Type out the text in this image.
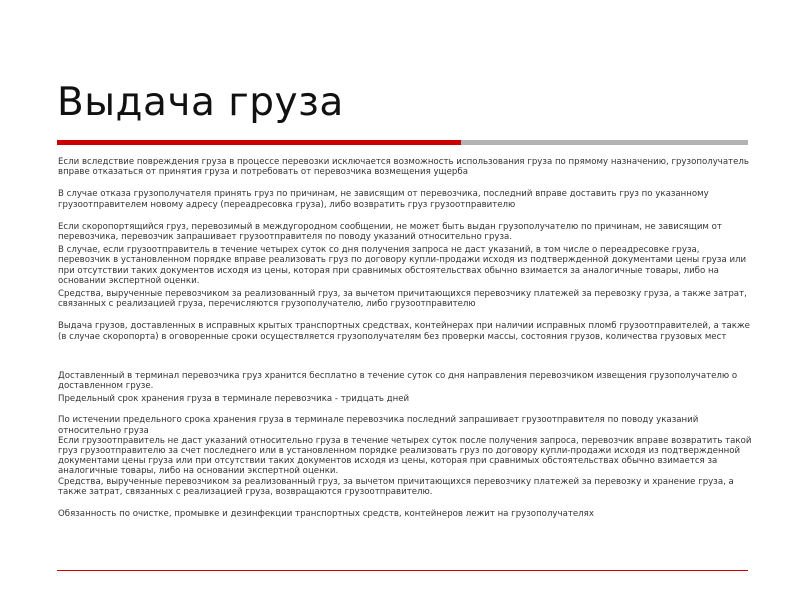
Выдача груза

Если вследствие повреждения груза в процессе перевозки исключается возможность использования груза по прямому назначению, грузополучатель вправе отказаться от принятия груза и потребовать от перевозчика возмещения ущерба

В случае отказа грузополучателя принять груз по причинам, не зависящим от перевозчика, последний вправе доставить груз по указанному грузоотправителем новому адресу (переадресовка груза), либо возвратить груз грузоотправителю

Если скоропортящийся груз, перевозимый в междугородном сообщении, не может быть выдан грузополучателю по причинам, не зависящим от перевозчика, перевозчик запрашивает грузоотправителя по поводу указаний относительно груза.

В случае, если грузоотправитель в течение четырех суток со дня получения запроса не даст указаний, в том числе о переадресовке груза, перевозчик в установленном порядке вправе реализовать груз по договору купли-продажи исходя из подтвержденной документами цены груза или при отсутствии таких документов исходя из цены, которая при сравнимых обстоятельствах обычно взимается за аналогичные товары, либо на основании экспертной оценки.

Средства, вырученные перевозчиком за реализованный груз, за вычетом причитающихся перевозчику платежей за перевозку груза, а также затрат, связанных с реализацией груза, перечисляются грузополучателю, либо грузоотправителю

Выдача грузов, доставленных в исправных крытых транспортных средствах, контейнерах при наличии исправных пломб грузоотправителей, а также (в случае скоропорта) в оговоренные сроки осуществляется грузополучателям без проверки массы, состояния грузов, количества грузовых мест

Доставленный в терминал перевозчика груз хранится бесплатно в течение суток со дня направления перевозчиком извещения грузополучателю о доставленном грузе.

Предельный срок хранения груза в терминале перевозчика - тридцать дней

По истечении предельного срока хранения груза в терминале перевозчика последний запрашивает грузоотправителя по поводу указаний относительно груза

Если грузоотправитель не даст указаний относительно груза в течение четырех суток после получения запроса, перевозчик вправе возвратить такой груз грузоотправителю за счет последнего или в установленном порядке реализовать груз по договору купли-продажи исходя из подтвержденной документами цены груза или при отсутствии таких документов исходя из цены, которая при сравнимых обстоятельствах обычно взимается за аналогичные товары, либо на основании экспертной оценки.

Средства, вырученные перевозчиком за реализованный груз, за вычетом причитающихся перевозчику платежей за перевозку и хранение груза, а также затрат, связанных с реализацией груза, возвращаются грузоотправителю.

Обязанность по очистке, промывке и дезинфекции транспортных средств, контейнеров лежит на грузополучателях
